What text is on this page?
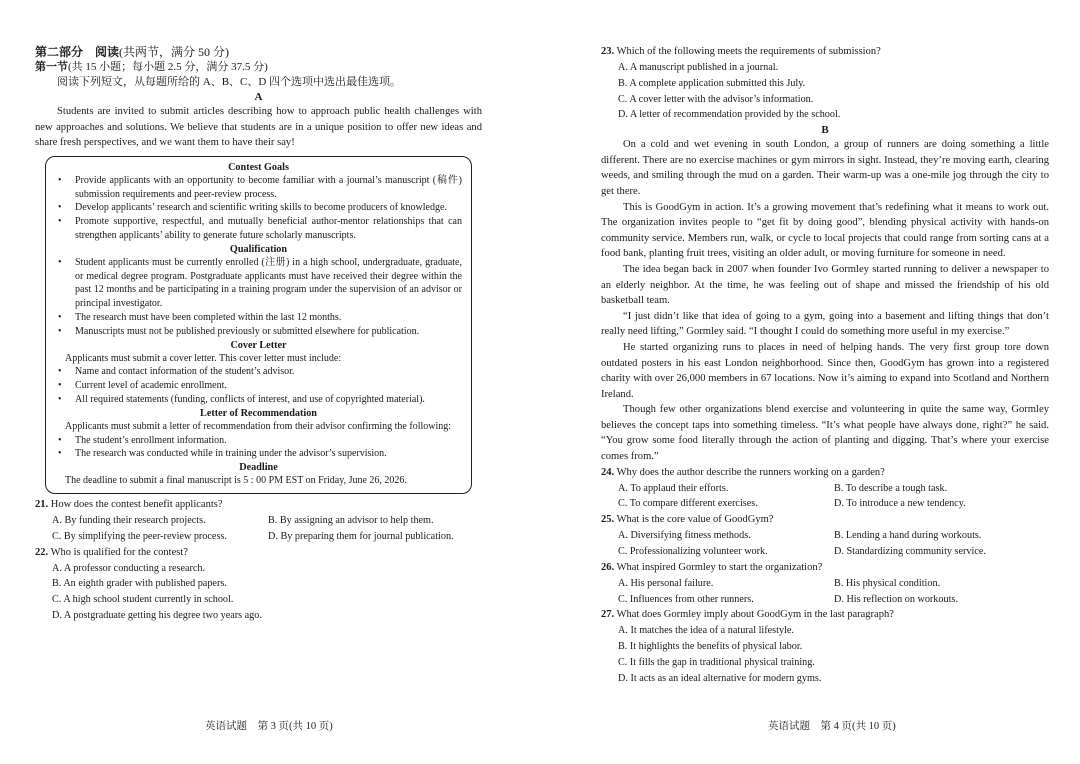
第二部分　阅读(共两节，满分 50 分)

第一节(共 15 小题；每小题 2.5 分，满分 37.5 分)

阅读下列短文，从每题所给的 A、B、C、D 四个选项中选出最佳选项。

A

Students are invited to submit articles describing how to approach public health challenges with new approaches and solutions. We believe that students are in a unique position to offer new ideas and share fresh perspectives, and we want them to have their say!

Contest Goals

• Provide applicants with an opportunity to become familiar with a journal’s manuscript (稿件) submission requirements and peer-review process.
• Develop applicants’ research and scientific writing skills to become producers of knowledge.
• Promote supportive, respectful, and mutually beneficial author-mentor relationships that can strengthen applicants’ ability to generate future scholarly manuscripts.

Qualification

• Student applicants must be currently enrolled (注册) in a high school, undergraduate, graduate, or medical degree program. Postgraduate applicants must have received their degree within the past 12 months and be participating in a training program under the supervision of an advisor or principal investigator.
• The research must have been completed within the last 12 months.
• Manuscripts must not be published previously or submitted elsewhere for publication.

Cover Letter

Applicants must submit a cover letter. This cover letter must include:

• Name and contact information of the student’s advisor.
• Current level of academic enrollment.
• All required statements (funding, conflicts of interest, and use of copyrighted material).

Letter of Recommendation

Applicants must submit a letter of recommendation from their advisor confirming the following:

• The student’s enrollment information.
• The research was conducted while in training under the advisor’s supervision.

Deadline

The deadline to submit a final manuscript is 5 : 00 PM EST on Friday, June 26, 2026.

21. How does the contest benefit applicants?

A. By funding their research projects.	B. By assigning an advisor to help them.
C. By simplifying the peer-review process.	D. By preparing them for journal publication.

22. Who is qualified for the contest?

A. A professor conducting a research.
B. An eighth grader with published papers.
C. A high school student currently in school.
D. A postgraduate getting his degree two years ago.

23. Which of the following meets the requirements of submission?

A. A manuscript published in a journal.
B. A complete application submitted this July.
C. A cover letter with the advisor’s information.
D. A letter of recommendation provided by the school.

B

On a cold and wet evening in south London, a group of runners are doing something a little different. There are no exercise machines or gym mirrors in sight. Instead, they’re moving earth, clearing weeds, and smiling through the mud on a garden. Their warm-up was a one-mile jog through the city to get there.

This is GoodGym in action. It’s a growing movement that’s redefining what it means to work out. The organization invites people to “get fit by doing good”, blending physical activity with hands-on community service. Members run, walk, or cycle to local projects that could range from sorting cans at a food bank, planting fruit trees, visiting an older adult, or moving furniture for someone in need.

The idea began back in 2007 when founder Ivo Gormley started running to deliver a newspaper to an elderly neighbor. At the time, he was feeling out of shape and missed the friendship of his old basketball team.

“I just didn’t like that idea of going to a gym, going into a basement and lifting things that don’t really need lifting,” Gormley said. “I thought I could do something more useful in my exercise.”

He started organizing runs to places in need of helping hands. The very first group tore down outdated posters in his east London neighborhood. Since then, GoodGym has grown into a registered charity with over 26,000 members in 67 locations. Now it’s aiming to expand into Scotland and Northern Ireland.

Though few other organizations blend exercise and volunteering in quite the same way, Gormley believes the concept taps into something timeless. “It’s what people have always done, right?” he said. “You grow some food literally through the action of planting and digging. That’s where your exercise comes from.”

24. Why does the author describe the runners working on a garden?

A. To applaud their efforts.	B. To describe a tough task.
C. To compare different exercises.	D. To introduce a new tendency.

25. What is the core value of GoodGym?

A. Diversifying fitness methods.	B. Lending a hand during workouts.
C. Professionalizing volunteer work.	D. Standardizing community service.

26. What inspired Gormley to start the organization?

A. His personal failure.	B. His physical condition.
C. Influences from other runners.	D. His reflection on workouts.

27. What does Gormley imply about GoodGym in the last paragraph?

A. It matches the idea of a natural lifestyle.
B. It highlights the benefits of physical labor.
C. It fills the gap in traditional physical training.
D. It acts as an ideal alternative for modern gyms.
英语试题　第 3 页(共 10 页)	英语试题　第 4 页(共 10 页)
